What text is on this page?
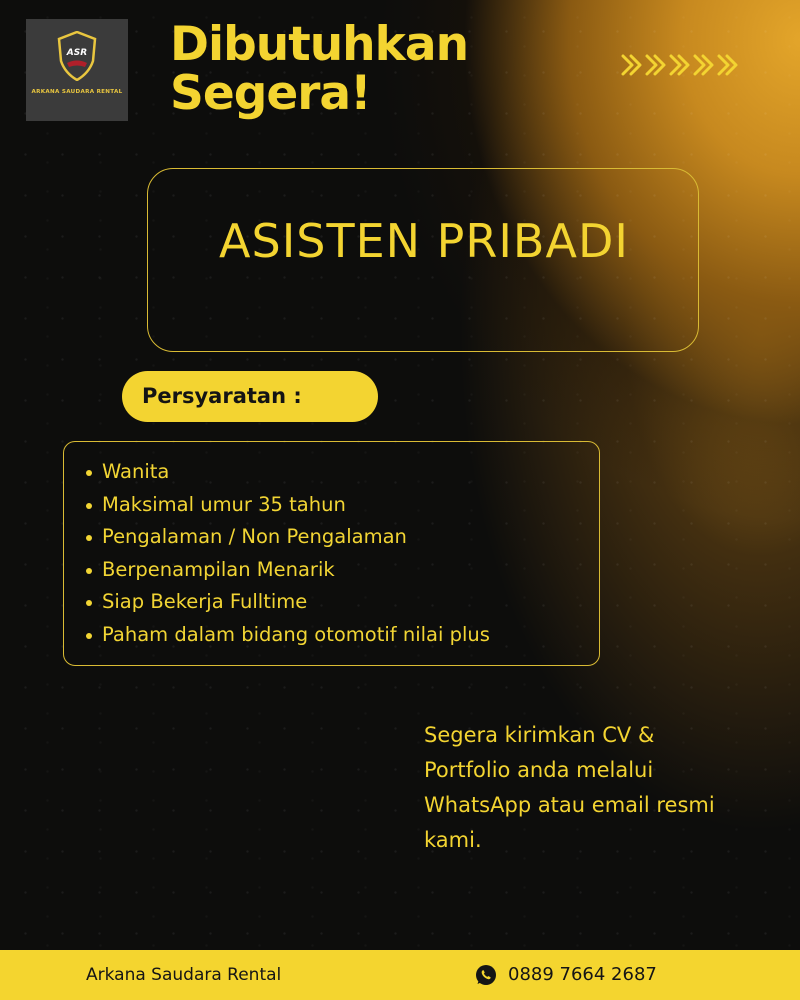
ASR
ARKANA SAUDARA RENTAL
Dibutuhkan
Segera!
ASISTEN PRIBADI
Persyaratan :
Wanita
Maksimal umur 35 tahun
Pengalaman / Non Pengalaman
Berpenampilan Menarik
Siap Bekerja Fulltime
Paham dalam bidang otomotif nilai plus

Segera kirimkan CV &
Portfolio anda melalui
WhatsApp atau email resmi
kami.

Arkana Saudara Rental	0889 7664 2687
